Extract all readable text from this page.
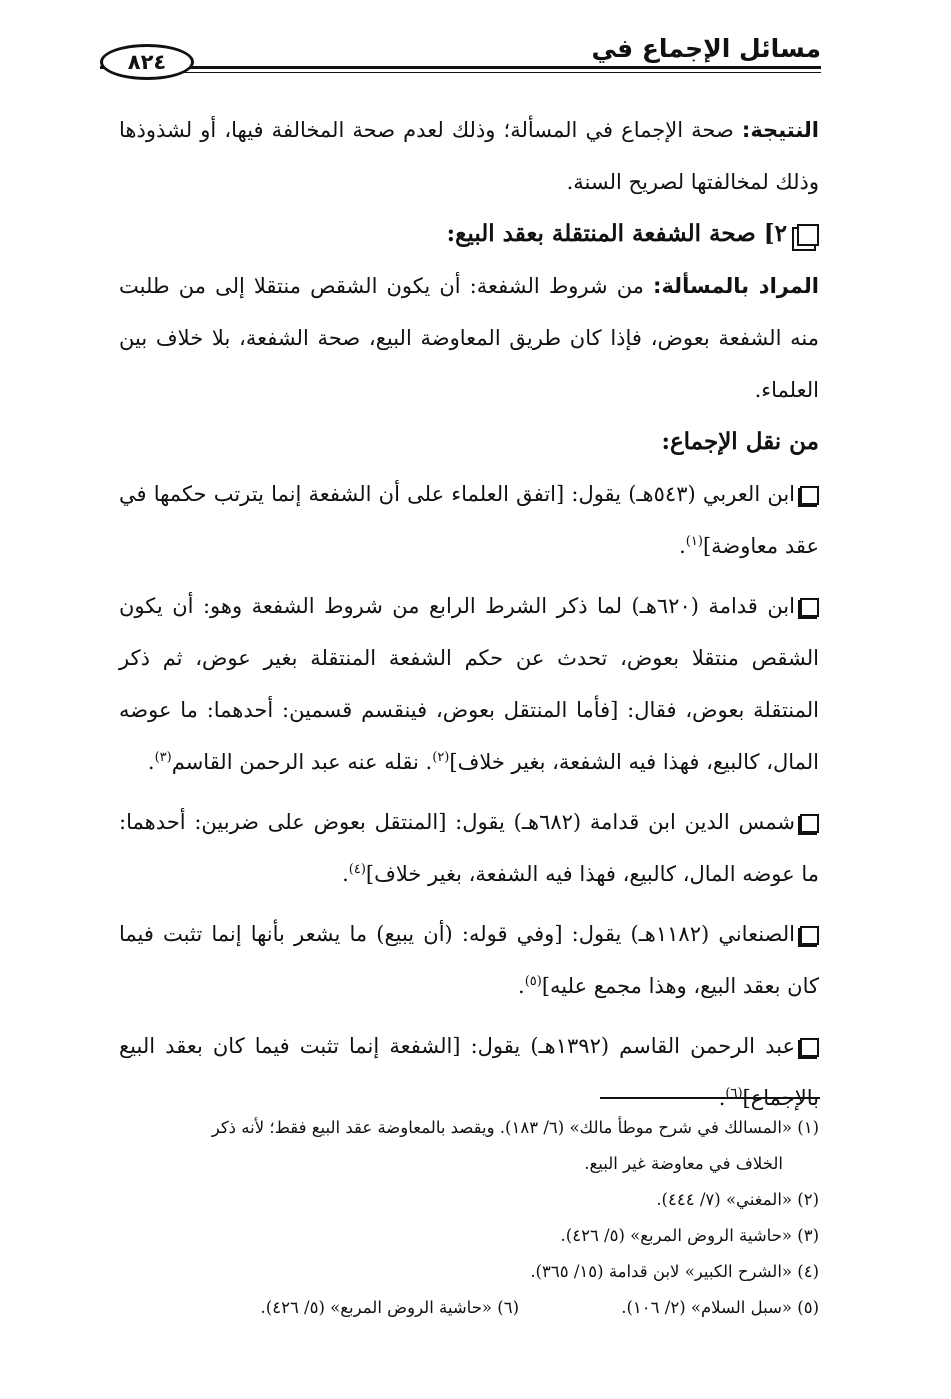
مسائل الإجماع في
٨٢٤

النتيجة: صحة الإجماع في المسألة؛ وذلك لعدم صحة المخالفة فيها، أو لشذوذها وذلك لمخالفتها لصريح السنة.

٢] صحة الشفعة المنتقلة بعقد البيع:

المراد بالمسألة: من شروط الشفعة: أن يكون الشقص منتقلا إلى من طلبت منه الشفعة بعوض، فإذا كان طريق المعاوضة البيع، صحة الشفعة، بلا خلاف بين العلماء.

من نقل الإجماع:

ابن العربي (٥٤٣هـ) يقول: [اتفق العلماء على أن الشفعة إنما يترتب حكمها في عقد معاوضة]$^{(١)}$.

ابن قدامة (٦٢٠هـ) لما ذكر الشرط الرابع من شروط الشفعة وهو: أن يكون الشقص منتقلا بعوض، تحدث عن حكم الشفعة المنتقلة بغير عوض، ثم ذكر المنتقلة بعوض، فقال: [فأما المنتقل بعوض، فينقسم قسمين: أحدهما: ما عوضه المال، كالبيع، فهذا فيه الشفعة، بغير خلاف]$^{(٢)}$. نقله عنه عبد الرحمن القاسم$^{(٣)}$.

شمس الدين ابن قدامة (٦٨٢هـ) يقول: [المنتقل بعوض على ضربين: أحدهما: ما عوضه المال، كالبيع، فهذا فيه الشفعة، بغير خلاف]$^{(٤)}$.

الصنعاني (١١٨٢هـ) يقول: [وفي قوله: (أن يبيع) ما يشعر بأنها إنما تثبت فيما كان بعقد البيع، وهذا مجمع عليه]$^{(٥)}$.

عبد الرحمن القاسم (١٣٩٢هـ) يقول: [الشفعة إنما تثبت فيما كان بعقد البيع بالإجماع]$^{(٦)}$.

(١) «المسالك في شرح موطأ مالك» (٦/ ١٨٣). ويقصد بالمعاوضة عقد البيع فقط؛ لأنه ذكر

الخلاف في معاوضة غير البيع.

(٢) «المغني» (٧/ ٤٤٤).

(٣) «حاشية الروض المربع» (٥/ ٤٢٦).

(٤) «الشرح الكبير» لابن قدامة (١٥/ ٣٦٥).

(٥) «سبل السلام» (٢/ ١٠٦).

(٦) «حاشية الروض المربع» (٥/ ٤٢٦).
